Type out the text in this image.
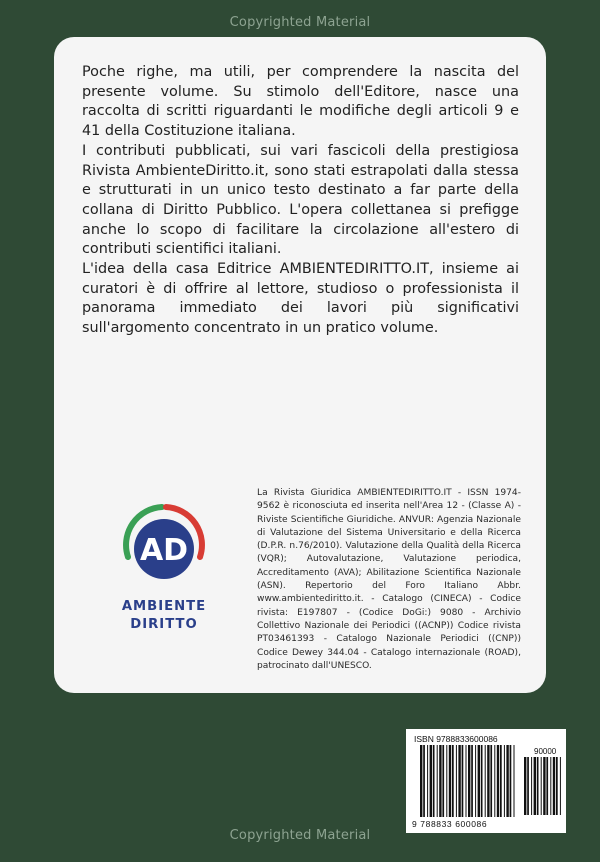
Copyrighted Material

Poche righe, ma utili, per comprendere la nascita del presente volume. Su stimolo dell'Editore, nasce una raccolta di scritti riguardanti le modifiche degli articoli 9 e 41 della Costituzione italiana.
I contributi pubblicati, sui vari fascicoli della prestigiosa Rivista AmbienteDiritto.it, sono stati estrapolati dalla stessa e strutturati in un unico testo destinato a far parte della collana di Diritto Pubblico. L'opera collettanea si prefigge anche lo scopo di facilitare la circolazione all'estero di contributi scientifici italiani.
L'idea della casa Editrice AMBIENTEDIRITTO.IT, insieme ai curatori è di offrire al lettore, studioso o professionista il panorama immediato dei lavori più significativi sull'argomento concentrato in un pratico volume.

AD
AMBIENTE
DIRITTO

La Rivista Giuridica AMBIENTEDIRITTO.IT - ISSN 1974-9562 è riconosciuta ed inserita nell'Area 12 - (Classe A) - Riviste Scientifiche Giuridiche. ANVUR: Agenzia Nazionale di Valutazione del Sistema Universitario e della Ricerca (D.P.R. n.76/2010). Valutazione della Qualità della Ricerca (VQR); Autovalutazione, Valutazione periodica, Accreditamento (AVA); Abilitazione Scientifica Nazionale (ASN). Repertorio del Foro Italiano Abbr. www.ambientediritto.it. - Catalogo (CINECA) - Codice rivista: E197807 - (Codice DoGi:) 9080 - Archivio Collettivo Nazionale dei Periodici ((ACNP)) Codice rivista PT03461393 - Catalogo Nazionale Periodici ((CNP)) Codice Dewey 344.04 - Catalogo internazionale (ROAD), patrocinato dall'UNESCO.

ISBN 9788833600086
90000
9 788833 600086
Copyrighted Material
